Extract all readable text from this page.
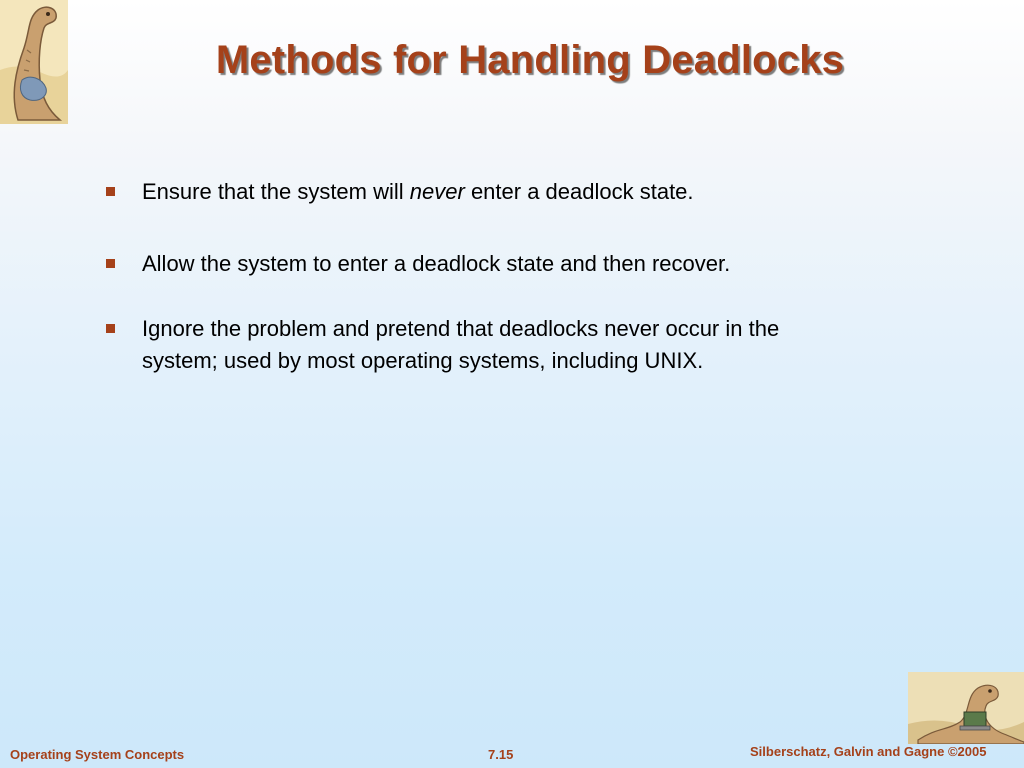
Methods for Handling Deadlocks
Ensure that the system will never enter a deadlock state.
Allow the system to enter a deadlock state and then recover.
Ignore the problem and pretend that deadlocks never occur in the system; used by most operating systems, including UNIX.
Operating System Concepts	7.15	Silberschatz, Galvin and Gagne ©2005
